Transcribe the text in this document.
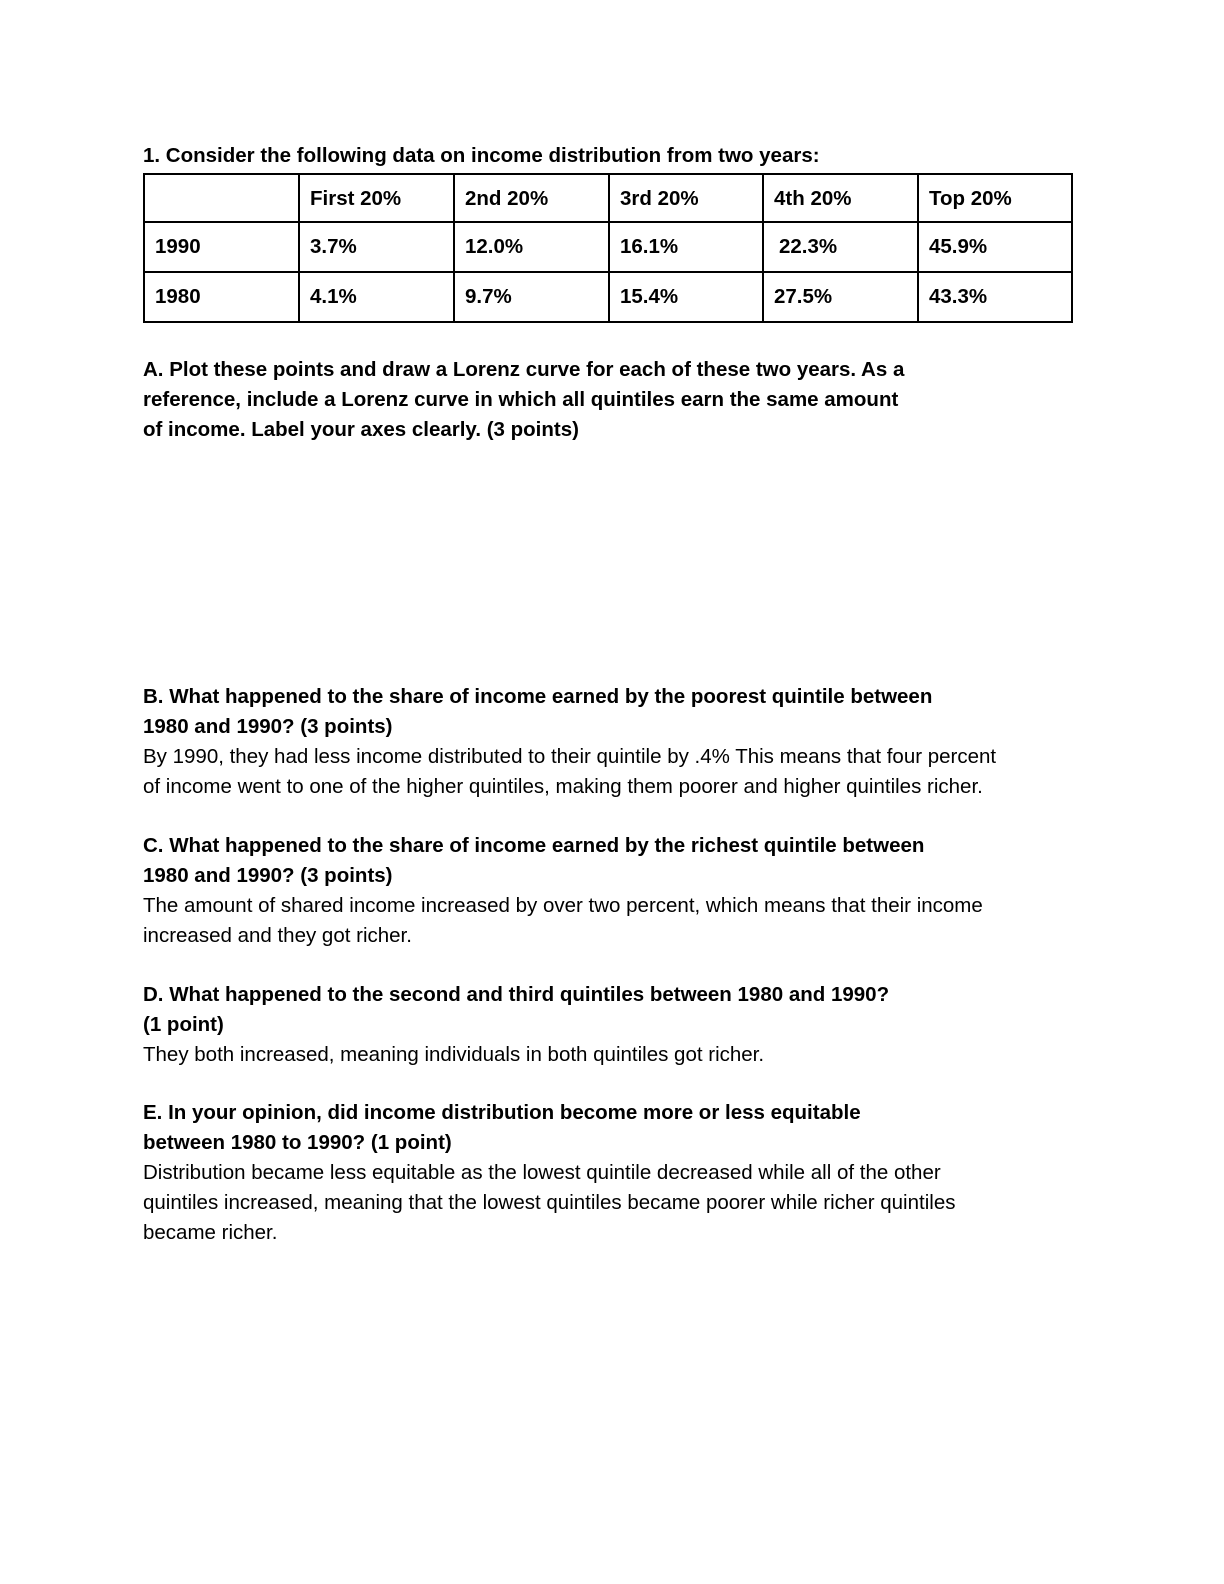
1. Consider the following data on income distribution from two years:

	First 20%	2nd 20%	3rd 20%	4th 20%	Top 20%
1990	3.7%	12.0%	16.1%	22.3%	45.9%
1980	4.1%	9.7%	15.4%	27.5%	43.3%

A. Plot these points and draw a Lorenz curve for each of these two years. As a

reference, include a Lorenz curve in which all quintiles earn the same amount

of income. Label your axes clearly. (3 points)

B. What happened to the share of income earned by the poorest quintile between

1980 and 1990? (3 points)

By 1990, they had less income distributed to their quintile by .4% This means that four percent

of income went to one of the higher quintiles, making them poorer and higher quintiles richer.

C. What happened to the share of income earned by the richest quintile between

1980 and 1990? (3 points)

The amount of shared income increased by over two percent, which means that their income

increased and they got richer.

D. What happened to the second and third quintiles between 1980 and 1990?

(1 point)

They both increased, meaning individuals in both quintiles got richer.

E. In your opinion, did income distribution become more or less equitable

between 1980 to 1990? (1 point)

Distribution became less equitable as the lowest quintile decreased while all of the other

quintiles increased, meaning that the lowest quintiles became poorer while richer quintiles

became richer.
